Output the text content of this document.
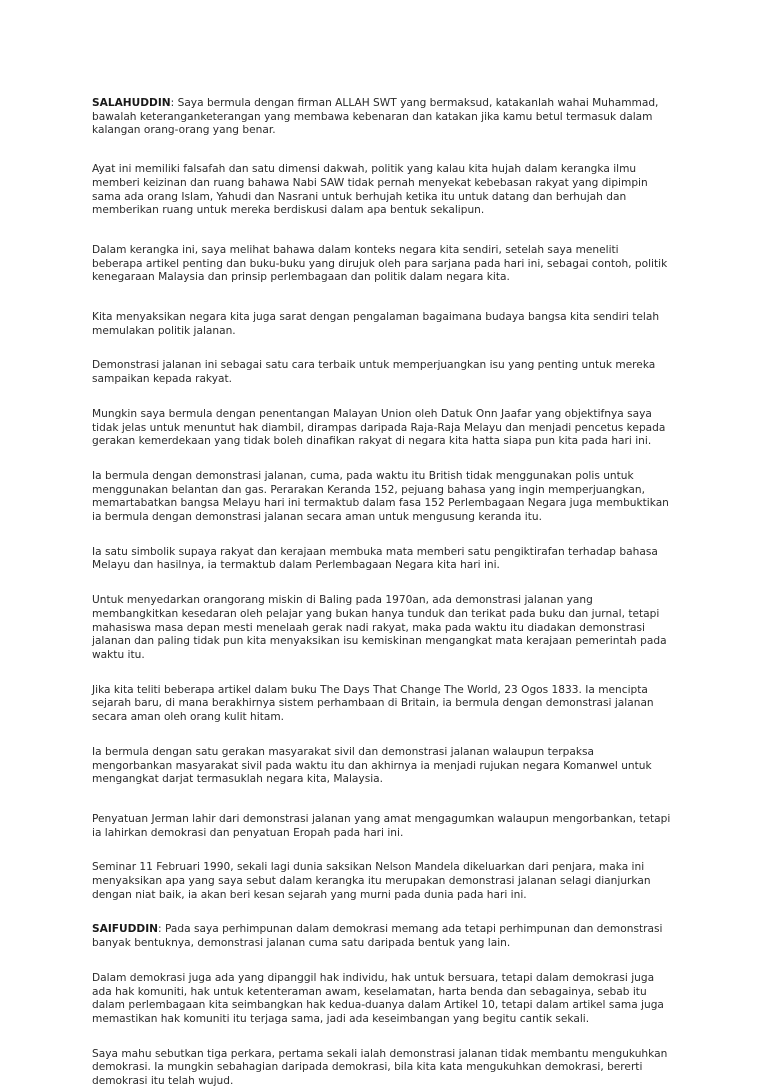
SALAHUDDIN: Saya bermula dengan firman ALLAH SWT yang bermaksud, katakanlah wahai Muhammad, bawalah keteranganketerangan yang membawa kebenaran dan katakan jika kamu betul termasuk dalam kalangan orang-orang yang benar.

Ayat ini memiliki falsafah dan satu dimensi dakwah, politik yang kalau kita hujah dalam kerangka ilmu memberi keizinan dan ruang bahawa Nabi SAW tidak pernah menyekat kebebasan rakyat yang dipimpin sama ada orang Islam, Yahudi dan Nasrani untuk berhujah ketika itu untuk datang dan berhujah dan memberikan ruang untuk mereka berdiskusi dalam apa bentuk sekalipun.

Dalam kerangka ini, saya melihat bahawa dalam konteks negara kita sendiri, setelah saya meneliti beberapa artikel penting dan buku-buku yang dirujuk oleh para sarjana pada hari ini, sebagai contoh, politik kenegaraan Malaysia dan prinsip perlembagaan dan politik dalam negara kita.

Kita menyaksikan negara kita juga sarat dengan pengalaman bagaimana budaya bangsa kita sendiri telah memulakan politik jalanan.

Demonstrasi jalanan ini sebagai satu cara terbaik untuk memperjuangkan isu yang penting untuk mereka sampaikan kepada rakyat.

Mungkin saya bermula dengan penentangan Malayan Union oleh Datuk Onn Jaafar yang objektifnya saya tidak jelas untuk menuntut hak diambil, dirampas daripada Raja-Raja Melayu dan menjadi pencetus kepada gerakan kemerdekaan yang tidak boleh dinafikan rakyat di negara kita hatta siapa pun kita pada hari ini.

Ia bermula dengan demonstrasi jalanan, cuma, pada waktu itu British tidak menggunakan polis untuk menggunakan belantan dan gas. Perarakan Keranda 152, pejuang bahasa yang ingin memperjuangkan, memartabatkan bangsa Melayu hari ini termaktub dalam fasa 152 Perlembagaan Negara juga membuktikan ia bermula dengan demonstrasi jalanan secara aman untuk mengusung keranda itu.

Ia satu simbolik supaya rakyat dan kerajaan membuka mata memberi satu pengiktirafan terhadap bahasa Melayu dan hasilnya, ia termaktub dalam Perlembagaan Negara kita hari ini.

Untuk menyedarkan orangorang miskin di Baling pada 1970an, ada demonstrasi jalanan yang membangkitkan kesedaran oleh pelajar yang bukan hanya tunduk dan terikat pada buku dan jurnal, tetapi mahasiswa masa depan mesti menelaah gerak nadi rakyat, maka pada waktu itu diadakan demonstrasi jalanan dan paling tidak pun kita menyaksikan isu kemiskinan mengangkat mata kerajaan pemerintah pada waktu itu.

Jika kita teliti beberapa artikel dalam buku The Days That Change The World, 23 Ogos 1833. Ia mencipta sejarah baru, di mana berakhirnya sistem perhambaan di Britain, ia bermula dengan demonstrasi jalanan secara aman oleh orang kulit hitam.

Ia bermula dengan satu gerakan masyarakat sivil dan demonstrasi jalanan walaupun terpaksa mengorbankan masyarakat sivil pada waktu itu dan akhirnya ia menjadi rujukan negara Komanwel untuk mengangkat darjat termasuklah negara kita, Malaysia.

Penyatuan Jerman lahir dari demonstrasi jalanan yang amat mengagumkan walaupun mengorbankan, tetapi ia lahirkan demokrasi dan penyatuan Eropah pada hari ini.

Seminar 11 Februari 1990, sekali lagi dunia saksikan Nelson Mandela dikeluarkan dari penjara, maka ini menyaksikan apa yang saya sebut dalam kerangka itu merupakan demonstrasi jalanan selagi dianjurkan dengan niat baik, ia akan beri kesan sejarah yang murni pada dunia pada hari ini.

SAIFUDDIN: Pada saya perhimpunan dalam demokrasi memang ada tetapi perhimpunan dan demonstrasi banyak bentuknya, demonstrasi jalanan cuma satu daripada bentuk yang lain.

Dalam demokrasi juga ada yang dipanggil hak individu, hak untuk bersuara, tetapi dalam demokrasi juga ada hak komuniti, hak untuk ketenteraman awam, keselamatan, harta benda dan sebagainya, sebab itu dalam perlembagaan kita seimbangkan hak kedua-duanya dalam Artikel 10, tetapi dalam artikel sama juga memastikan hak komuniti itu terjaga sama, jadi ada keseimbangan yang begitu cantik sekali.

Saya mahu sebutkan tiga perkara, pertama sekali ialah demonstrasi jalanan tidak membantu mengukuhkan demokrasi. Ia mungkin sebahagian daripada demokrasi, bila kita kata mengukuhkan demokrasi, bererti demokrasi itu telah wujud.
